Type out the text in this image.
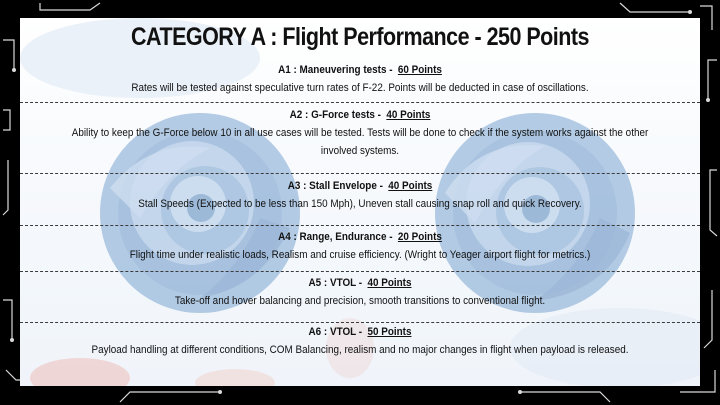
CATEGORY A : Flight Performance - 250 Points
A1 : Maneuvering tests - 60 Points
Rates will be tested against speculative turn rates of F-22. Points will be deducted in case of oscillations.
A2 : G-Force tests - 40 Points
Ability to keep the G-Force below 10 in all use cases will be tested. Tests will be done to check if the system works against the other involved systems.
A3 : Stall Envelope - 40 Points
Stall Speeds (Expected to be less than 150 Mph), Uneven stall causing snap roll and quick Recovery.
A4 : Range, Endurance - 20 Points
Flight time under realistic loads, Realism and cruise efficiency. (Wright to Yeager airport flight for metrics.)
A5 : VTOL - 40 Points
Take-off and hover balancing and precision, smooth transitions to conventional flight.
A6 : VTOL - 50 Points
Payload handling at different conditions, COM Balancing, realism and no major changes in flight when payload is released.
